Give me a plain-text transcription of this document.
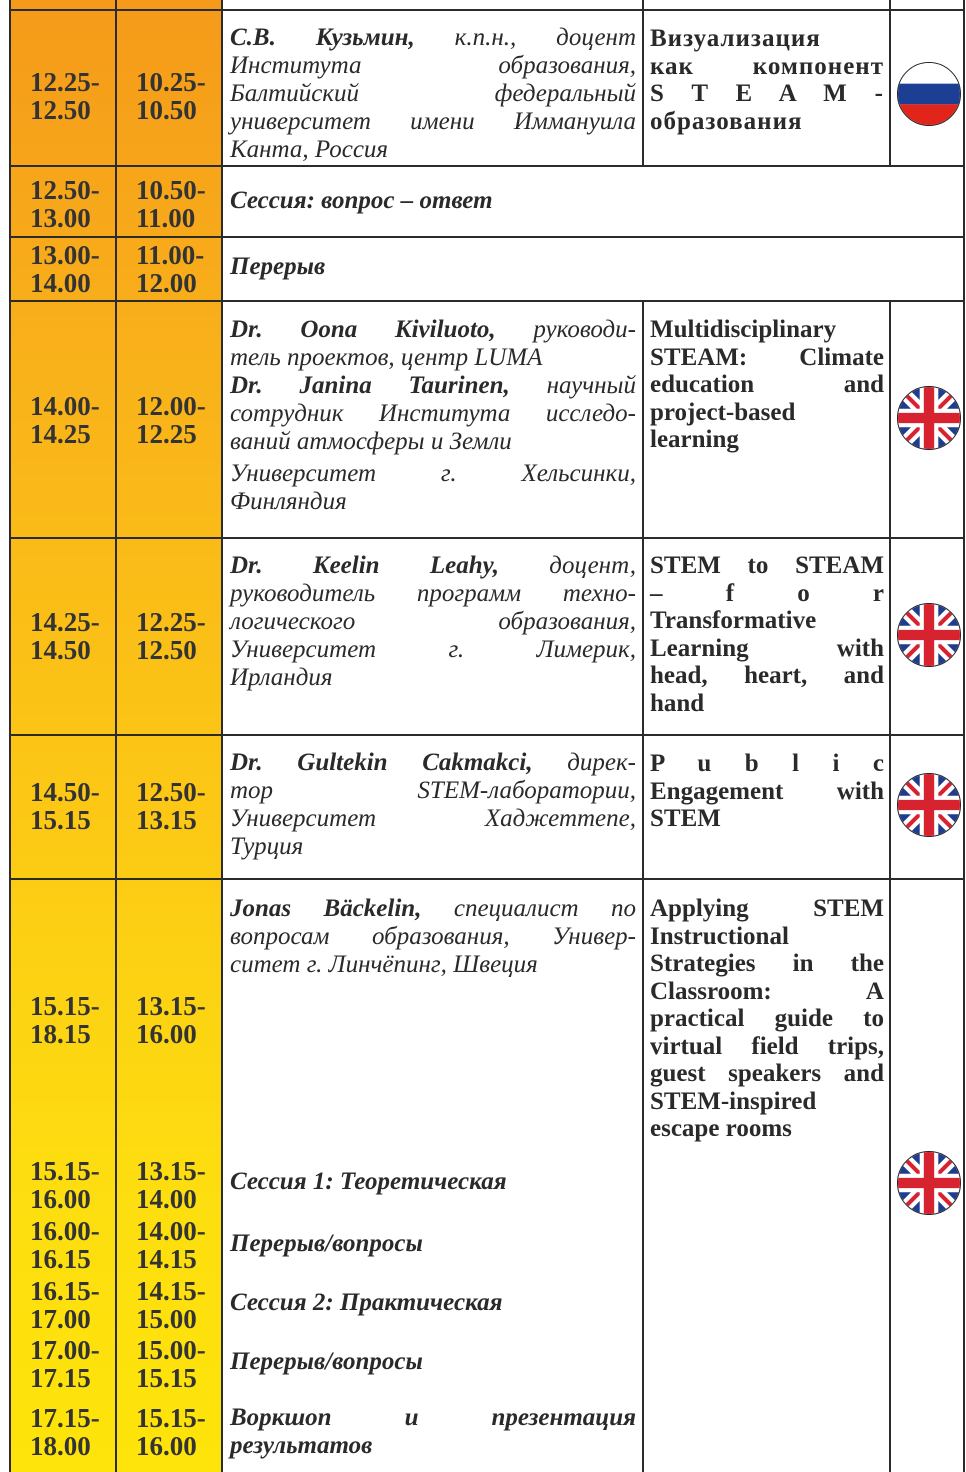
12.25-
12.50
10.25-
10.50
С.В. Кузьмин, к.п.н., доцент
Института образования,
Балтийский федеральный
университет имени Иммануила
Канта, Россия
Визуализация
как компонент
S T E A M -
образования
12.50-
13.00
10.50-
11.00
Сессия: вопрос – ответ
13.00-
14.00
11.00-
12.00
Перерыв
14.00-
14.25
12.00-
12.25
Dr. Oona Kiviluoto, руководи-
тель проектов, центр LUMA
Dr. Janina Taurinen, научный
сотрудник Института исследо-
ваний атмосферы и Земли
Университет г. Хельсинки,
Финляндия
Multidisciplinary
STEAM: Climate
education and
project-based
learning
14.25-
14.50
12.25-
12.50
Dr. Keelin Leahy, доцент,
руководитель программ техно-
логического образования,
Университет г. Лимерик,
Ирландия
STEM to STEAM
– f o r
Transformative
Learning with
head, heart, and
hand
14.50-
15.15
12.50-
13.15
Dr. Gultekin Cakmakci, дирек-
тор STEM-лаборатории,
Университет Хаджеттепе,
Турция
P u b l i c
Engagement with
STEM
15.15-
18.15
13.15-
16.00
Jonas Bäckelin, специалист по
вопросам образования, Универ-
ситет г. Линчёпинг, Швеция
Applying STEM
Instructional
Strategies in the
Classroom: A
practical guide to
virtual field trips,
guest speakers and
STEM-inspired
escape rooms
15.15-
16.00
13.15-
14.00
Сессия 1: Теоретическая
16.00-
16.15
14.00-
14.15
Перерыв/вопросы
16.15-
17.00
14.15-
15.00
Сессия 2: Практическая
17.00-
17.15
15.00-
15.15
Перерыв/вопросы
17.15-
18.00
15.15-
16.00
Воркшоп и презентация
результатов
